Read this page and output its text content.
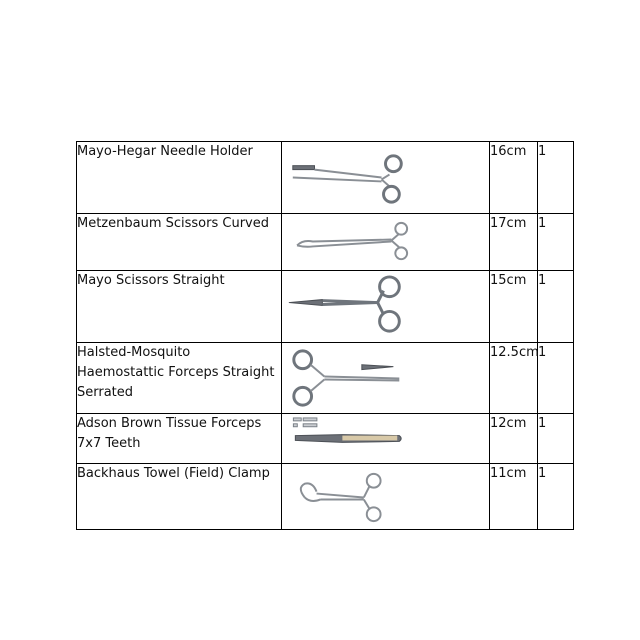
Mayo-Hegar Needle Holder		16cm	1
Metzenbaum Scissors Curved		17cm	1
Mayo Scissors Straight		15cm	1
Halsted-Mosquito Haemostattic Forceps Straight Serrated		12.5cm	1
Adson Brown Tissue Forceps 7x7 Teeth		12cm	1
Backhaus Towel (Field) Clamp		11cm	1
